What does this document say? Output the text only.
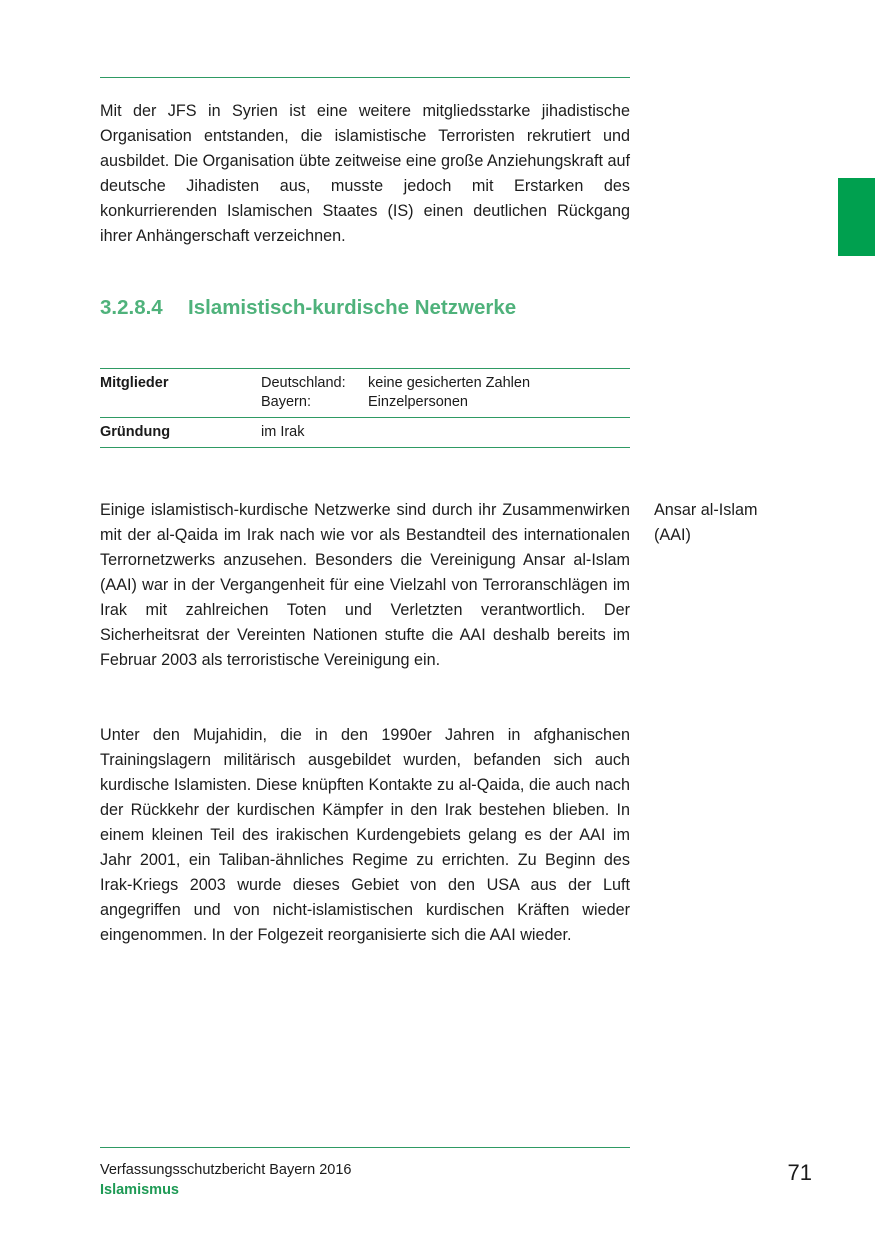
Mit der JFS in Syrien ist eine weitere mitgliedsstarke jihadistische Organisation entstanden, die islamistische Terroristen rekrutiert und ausbildet. Die Organisation übte zeitweise eine große Anziehungskraft auf deutsche Jihadisten aus, musste jedoch mit Erstarken des konkurrierenden Islamischen Staates (IS) einen deutlichen Rückgang ihrer Anhängerschaft verzeichnen.

3.2.8.4 Islamistisch-kurdische Netzwerke
Mitglieder	Deutschland:	keine gesicherten Zahlen
Bayern:	Einzelpersonen
Gründung	im Irak

Einige islamistisch-kurdische Netzwerke sind durch ihr Zusammenwirken mit der al-Qaida im Irak nach wie vor als Bestandteil des internationalen Terrornetzwerks anzusehen. Besonders die Vereinigung Ansar al-Islam (AAI) war in der Vergangenheit für eine Vielzahl von Terroranschlägen im Irak mit zahlreichen Toten und Verletzten verantwortlich. Der Sicherheitsrat der Vereinten Nationen stufte die AAI deshalb bereits im Februar 2003 als terroristische Vereinigung ein.

Ansar al-Islam
(AAI)

Unter den Mujahidin, die in den 1990er Jahren in afghanischen Trainingslagern militärisch ausgebildet wurden, befanden sich auch kurdische Islamisten. Diese knüpften Kontakte zu al-Qaida, die auch nach der Rückkehr der kurdischen Kämpfer in den Irak bestehen blieben. In einem kleinen Teil des irakischen Kurdengebiets gelang es der AAI im Jahr 2001, ein Taliban-ähnliches Regime zu errichten. Zu Beginn des Irak-Kriegs 2003 wurde dieses Gebiet von den USA aus der Luft angegriffen und von nicht-islamistischen kurdischen Kräften wieder eingenommen. In der Folgezeit reorganisierte sich die AAI wieder.

Verfassungsschutzbericht Bayern 2016
Islamismus
71
